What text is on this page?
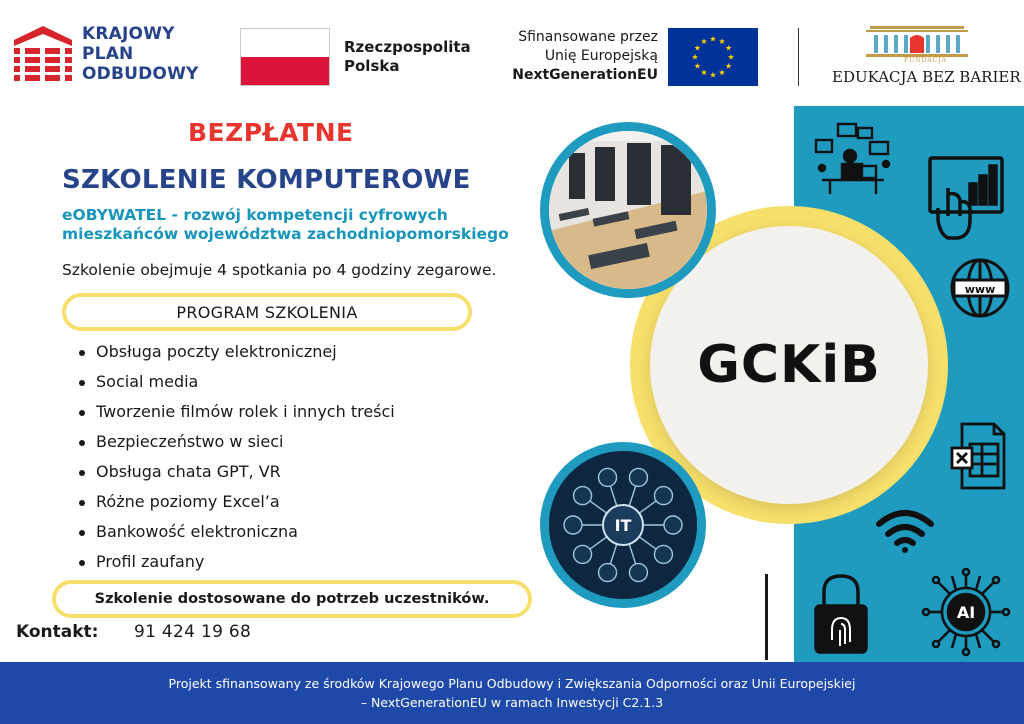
KRAJOWY
PLAN
ODBUDOWY
Rzeczpospolita
Polska
Sfinansowane przez
Unię Europejską
NextGenerationEU
FUNDACJA
EDUKACJA BEZ BARIER
www
AI
BEZPŁATNE
SZKOLENIE KOMPUTEROWE
eOBYWATEL - rozwój kompetencji cyfrowych
mieszkańców województwa zachodniopomorskiego
Szkolenie obejmuje 4 spotkania po 4 godziny zegarowe.
PROGRAM SZKOLENIA
Obsługa poczty elektronicznej
Social media
Tworzenie filmów rolek i innych treści
Bezpieczeństwo w sieci
Obsługa chata GPT, VR
Różne poziomy Excel’a
Bankowość elektroniczna
Profil zaufany
Szkolenie dostosowane do potrzeb uczestników.
Kontakt: 91 424 19 68
GCKiB
IT
Projekt sfinansowany ze środków Krajowego Planu Odbudowy i Zwiększania Odporności oraz Unii Europejskiej
– NextGenerationEU w ramach Inwestycji C2.1.3
